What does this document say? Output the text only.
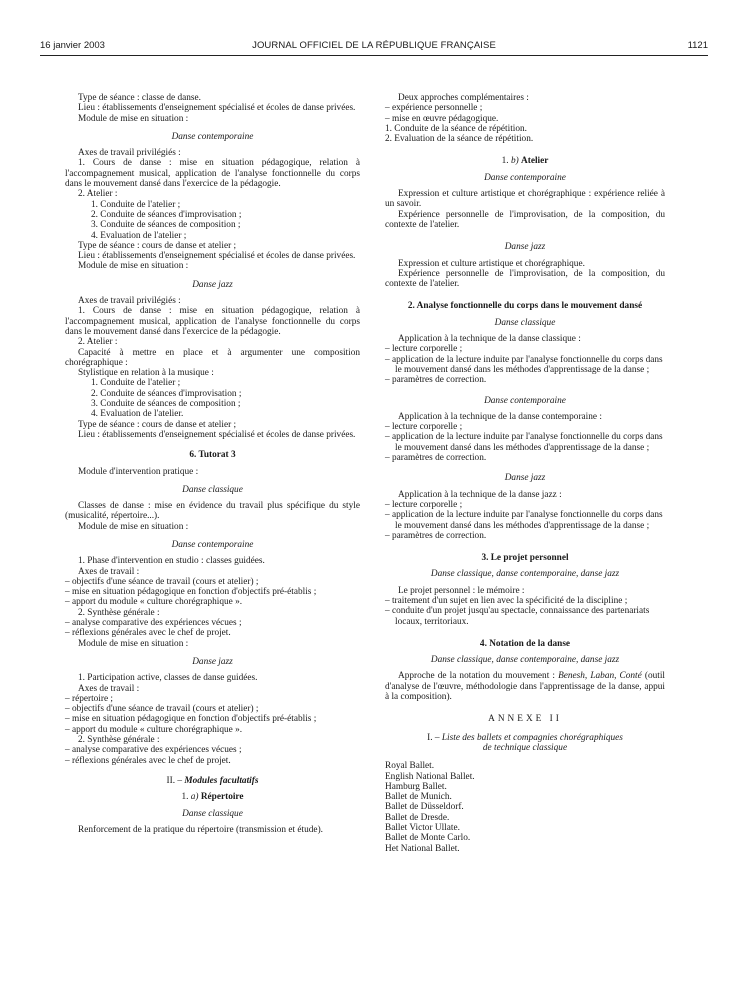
16 janvier 2003	JOURNAL OFFICIEL DE LA RÉPUBLIQUE FRANÇAISE	1121

Type de séance : classe de danse.

Lieu : établissements d'enseignement spécialisé et écoles de danse privées.

Module de mise en situation :

Danse contemporaine

Axes de travail privilégiés :

1. Cours de danse : mise en situation pédagogique, relation à l'accompagnement musical, application de l'analyse fonctionnelle du corps dans le mouvement dansé dans l'exercice de la pédagogie.

2. Atelier :

1. Conduite de l'atelier ;

2. Conduite de séances d'improvisation ;

3. Conduite de séances de composition ;

4. Evaluation de l'atelier ;

Type de séance : cours de danse et atelier ;

Lieu : établissements d'enseignement spécialisé et écoles de danse privées.

Module de mise en situation :

Danse jazz

Axes de travail privilégiés :

1. Cours de danse : mise en situation pédagogique, relation à l'accompagnement musical, application de l'analyse fonctionnelle du corps dans le mouvement dansé dans l'exercice de la pédagogie.

2. Atelier :

Capacité à mettre en place et à argumenter une composition chorégraphique :

Stylistique en relation à la musique :

1. Conduite de l'atelier ;

2. Conduite de séances d'improvisation ;

3. Conduite de séances de composition ;

4. Evaluation de l'atelier.

Type de séance : cours de danse et atelier ;

Lieu : établissements d'enseignement spécialisé et écoles de danse privées.

6. Tutorat 3

Module d'intervention pratique :

Danse classique

Classes de danse : mise en évidence du travail plus spécifique du style (musicalité, répertoire...).

Module de mise en situation :

Danse contemporaine

1. Phase d'intervention en studio : classes guidées.

Axes de travail :

– objectifs d'une séance de travail (cours et atelier) ;

– mise en situation pédagogique en fonction d'objectifs pré-établis ;

– apport du module « culture chorégraphique ».

2. Synthèse générale :

– analyse comparative des expériences vécues ;

– réflexions générales avec le chef de projet.

Module de mise en situation :

Danse jazz

1. Participation active, classes de danse guidées.

Axes de travail :

– répertoire ;

– objectifs d'une séance de travail (cours et atelier) ;

– mise en situation pédagogique en fonction d'objectifs pré-établis ;

– apport du module « culture chorégraphique ».

2. Synthèse générale :

– analyse comparative des expériences vécues ;

– réflexions générales avec le chef de projet.

II. – Modules facultatifs

1. a) Répertoire

Danse classique

Renforcement de la pratique du répertoire (transmission et étude).

Deux approches complémentaires :

– expérience personnelle ;

– mise en œuvre pédagogique.

1. Conduite de la séance de répétition.

2. Evaluation de la séance de répétition.

1. b) Atelier

Danse contemporaine

Expression et culture artistique et chorégraphique : expérience reliée à un savoir.

Expérience personnelle de l'improvisation, de la composition, du contexte de l'atelier.

Danse jazz

Expression et culture artistique et chorégraphique.

Expérience personnelle de l'improvisation, de la composition, du contexte de l'atelier.

2. Analyse fonctionnelle du corps dans le mouvement dansé

Danse classique

Application à la technique de la danse classique :

– lecture corporelle ;

– application de la lecture induite par l'analyse fonctionnelle du corps dans le mouvement dansé dans les méthodes d'apprentissage de la danse ;

– paramètres de correction.

Danse contemporaine

Application à la technique de la danse contemporaine :

– lecture corporelle ;

– application de la lecture induite par l'analyse fonctionnelle du corps dans le mouvement dansé dans les méthodes d'apprentissage de la danse ;

– paramètres de correction.

Danse jazz

Application à la technique de la danse jazz :

– lecture corporelle ;

– application de la lecture induite par l'analyse fonctionnelle du corps dans le mouvement dansé dans les méthodes d'apprentissage de la danse ;

– paramètres de correction.

3. Le projet personnel

Danse classique, danse contemporaine, danse jazz

Le projet personnel : le mémoire :

– traitement d'un sujet en lien avec la spécificité de la discipline ;

– conduite d'un projet jusqu'au spectacle, connaissance des partenariats locaux, territoriaux.

4. Notation de la danse

Danse classique, danse contemporaine, danse jazz

Approche de la notation du mouvement : Benesh, Laban, Conté (outil d'analyse de l'œuvre, méthodologie dans l'apprentissage de la danse, appui à la composition).

ANNEXE II

I. – Liste des ballets et compagnies chorégraphiques

de technique classique

Royal Ballet.

English National Ballet.

Hamburg Ballet.

Ballet de Munich.

Ballet de Düsseldorf.

Ballet de Dresde.

Ballet Victor Ullate.

Ballet de Monte Carlo.

Het National Ballet.
